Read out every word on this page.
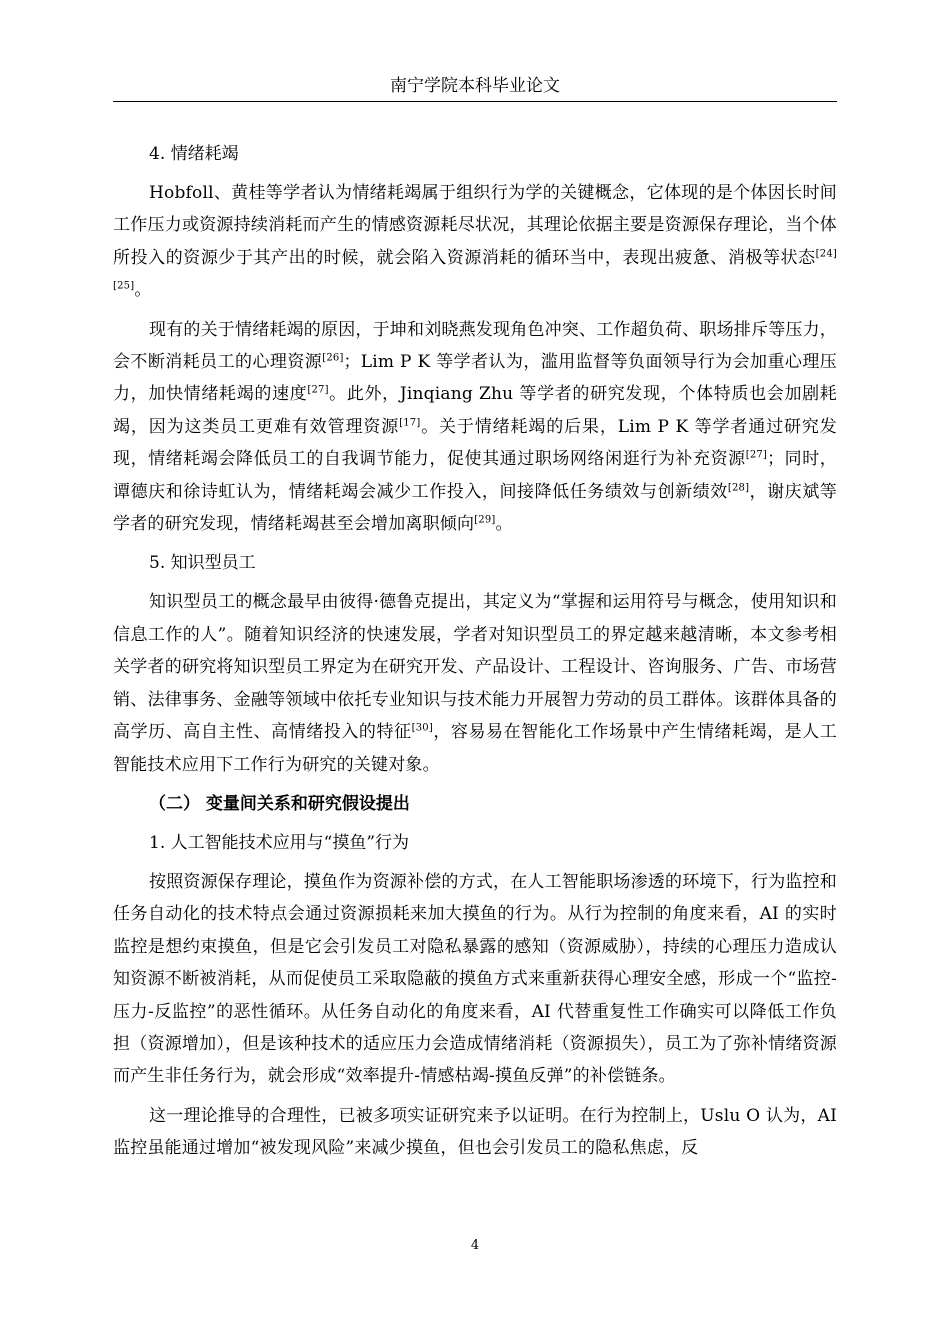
南宁学院本科毕业论文

4. 情绪耗竭

Hobfoll、黄桂等学者认为情绪耗竭属于组织行为学的关键概念，它体现的是个体因长时间工作压力或资源持续消耗而产生的情感资源耗尽状况，其理论依据主要是资源保存理论，当个体所投入的资源少于其产出的时候，就会陷入资源消耗的循环当中，表现出疲惫、消极等状态[24][25]。

现有的关于情绪耗竭的原因，于坤和刘晓燕发现角色冲突、工作超负荷、职场排斥等压力，会不断消耗员工的心理资源[26]；Lim P K 等学者认为，滥用监督等负面领导行为会加重心理压力，加快情绪耗竭的速度[27]。此外，Jinqiang Zhu 等学者的研究发现，个体特质也会加剧耗竭，因为这类员工更难有效管理资源[17]。关于情绪耗竭的后果，Lim P K 等学者通过研究发现，情绪耗竭会降低员工的自我调节能力，促使其通过职场网络闲逛行为补充资源[27]；同时，谭德庆和徐诗虹认为，情绪耗竭会减少工作投入，间接降低任务绩效与创新绩效[28]，谢庆斌等学者的研究发现，情绪耗竭甚至会增加离职倾向[29]。

5. 知识型员工

知识型员工的概念最早由彼得·德鲁克提出，其定义为“掌握和运用符号与概念，使用知识和信息工作的人”。随着知识经济的快速发展，学者对知识型员工的界定越来越清晰，本文参考相关学者的研究将知识型员工界定为在研究开发、产品设计、工程设计、咨询服务、广告、市场营销、法律事务、金融等领域中依托专业知识与技术能力开展智力劳动的员工群体。该群体具备的高学历、高自主性、高情绪投入的特征[30]，容易易在智能化工作场景中产生情绪耗竭，是人工智能技术应用下工作行为研究的关键对象。

（二） 变量间关系和研究假设提出

1. 人工智能技术应用与“摸鱼”行为

按照资源保存理论，摸鱼作为资源补偿的方式，在人工智能职场渗透的环境下，行为监控和任务自动化的技术特点会通过资源损耗来加大摸鱼的行为。从行为控制的角度来看，AI 的实时监控是想约束摸鱼，但是它会引发员工对隐私暴露的感知（资源威胁），持续的心理压力造成认知资源不断被消耗，从而促使员工采取隐蔽的摸鱼方式来重新获得心理安全感，形成一个“监控-压力-反监控”的恶性循环。从任务自动化的角度来看，AI 代替重复性工作确实可以降低工作负担（资源增加），但是该种技术的适应压力会造成情绪消耗（资源损失），员工为了弥补情绪资源而产生非任务行为，就会形成“效率提升-情感枯竭-摸鱼反弹”的补偿链条。

这一理论推导的合理性，已被多项实证研究来予以证明。在行为控制上，Uslu O 认为，AI 监控虽能通过增加“被发现风险”来减少摸鱼，但也会引发员工的隐私焦虑，反

4
